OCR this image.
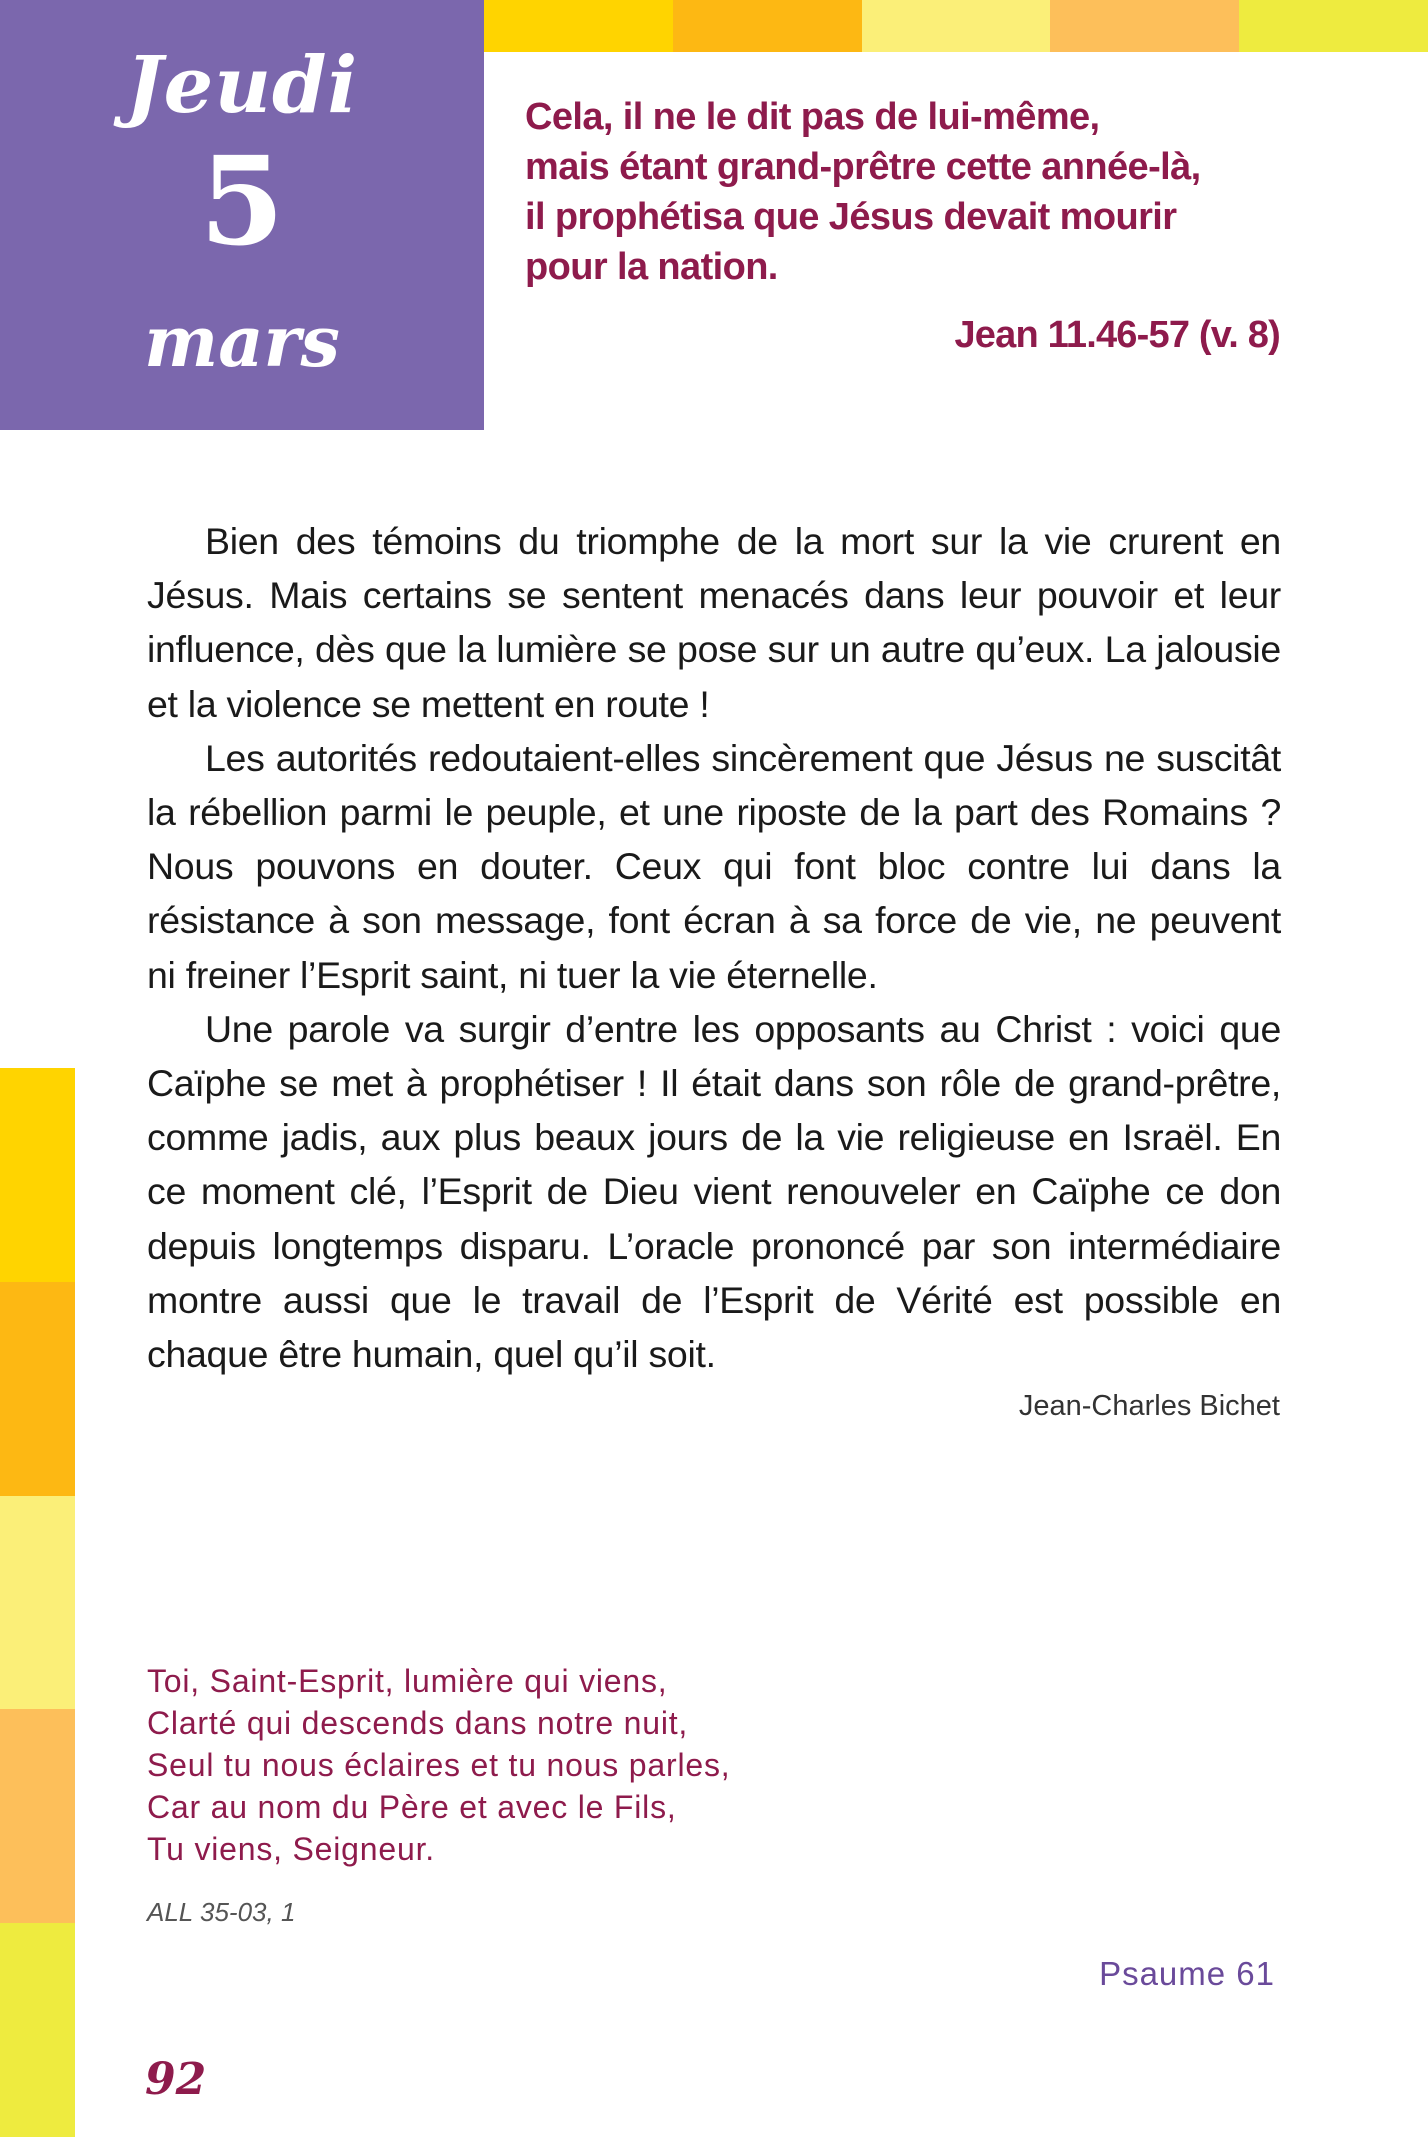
Jeudi
5
mars

Cela, il ne le dit pas de lui-même,

mais étant grand-prêtre cette année-là,

il prophétisa que Jésus devait mourir

pour la nation.

Jean 11.46-57 (v. 8)

Bien des témoins du triomphe de la mort sur la vie crurent en Jésus. Mais certains se sentent menacés dans leur pouvoir et leur influence, dès que la lumière se pose sur un autre qu’eux. La jalousie et la violence se mettent en route !

Les autorités redoutaient-elles sincèrement que Jésus ne suscitât la rébellion parmi le peuple, et une riposte de la part des Romains ? Nous pouvons en douter. Ceux qui font bloc contre lui dans la résistance à son message, font écran à sa force de vie, ne peuvent ni freiner l’Esprit saint, ni tuer la vie éternelle.

Une parole va surgir d’entre les opposants au Christ : voici que Caïphe se met à prophétiser ! Il était dans son rôle de grand-prêtre, comme jadis, aux plus beaux jours de la vie religieuse en Israël. En ce moment clé, l’Esprit de Dieu vient renouveler en Caïphe ce don depuis longtemps disparu. L’oracle prononcé par son intermédiaire montre aussi que le travail de l’Esprit de Vérité est possible en chaque être humain, quel qu’il soit.

Jean-Charles Bichet
Toi, Saint-Esprit, lumière qui viens,
Clarté qui descends dans notre nuit,
Seul tu nous éclaires et tu nous parles,
Car au nom du Père et avec le Fils,
Tu viens, Seigneur.
ALL 35-03, 1
Psaume 61
92
